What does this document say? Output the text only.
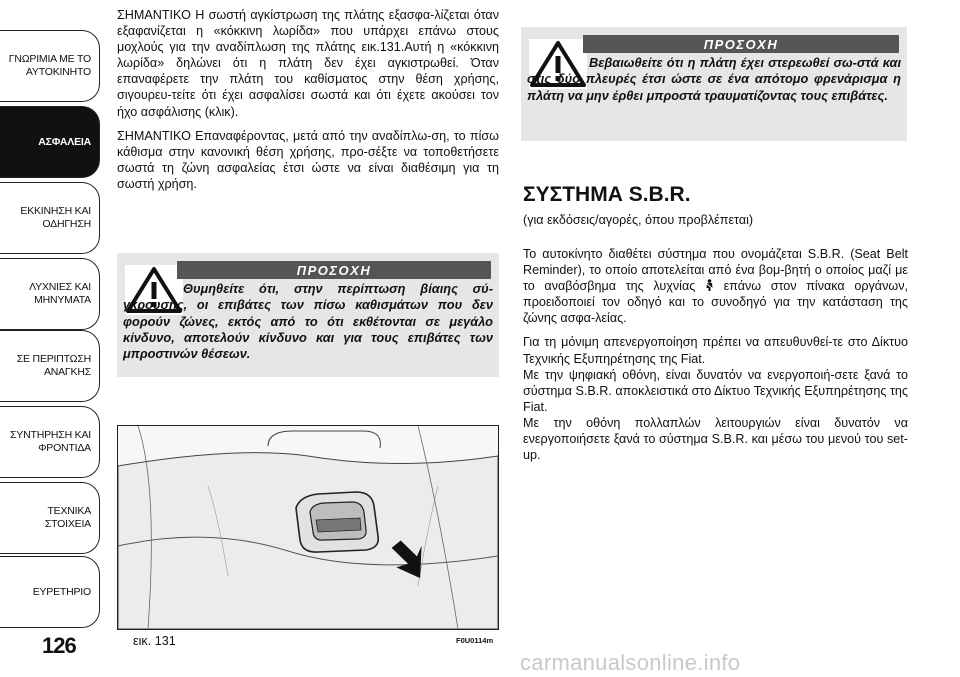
ΓΝΩΡΙΜΙΑ ΜΕ ΤΟ
ΑΥΤΟΚΙΝΗΤΟ
ΑΣΦΑΛΕΙΑ
ΕΚΚΙΝΗΣΗ ΚΑΙ
ΟΔΗΓΗΣΗ
ΛΥΧΝΙΕΣ ΚΑΙ
ΜΗΝΥΜΑΤΑ
ΣΕ ΠΕΡΙΠΤΩΣΗ
ΑΝΑΓΚΗΣ
ΣΥΝΤΗΡΗΣΗ ΚΑΙ
ΦΡΟΝΤΙΔΑ
ΤΕΧΝΙΚΑ ΣΤΟΙΧΕΙΑ
ΕΥΡΕΤΗΡΙΟ
126

ΣΗΜΑΝΤΙΚΟ Η σωστή αγκίστρωση της πλάτης εξασφα-λίζεται όταν εξαφανίζεται η «κόκκινη λωρίδα» που υπάρχει επάνω στους μοχλούς για την αναδίπλωση της πλάτης εικ.131.Αυτή η «κόκκινη λωρίδα» δηλώνει ότι η πλάτη δεν έχει αγκιστρωθεί. Όταν επαναφέρετε την πλάτη του καθίσματος στην θέση χρήσης, σιγουρευ-τείτε ότι έχει ασφαλίσει σωστά και ότι έχετε ακούσει τον ήχο ασφάλισης (κλικ).

ΣΗΜΑΝΤΙΚΟ Επαναφέροντας, μετά από την αναδίπλω-ση, το πίσω κάθισμα στην κανονική θέση χρήσης, προ-σέξτε να τοποθετήσετε σωστά τη ζώνη ασφαλείας έτσι ώστε να είναι διαθέσιμη για τη σωστή χρήση.

ΠΡΟΣΟΧΗ
Θυμηθείτε ότι, στην περίπτωση βίαιης σύ-γκρουσης, οι επιβάτες των πίσω καθισμάτων που δεν φορούν ζώνες, εκτός από το ότι εκθέτονται σε μεγάλο κίνδυνο, αποτελούν κίνδυνο και για τους επιβάτες των μπροστινών θέσεων.
ΠΡΟΣΟΧΗ
Βεβαιωθείτε ότι η πλάτη έχει στερεωθεί σω-στά και στις δύο πλευρές έτσι ώστε σε ένα απότομο φρενάρισμα η πλάτη να μην έρθει μπροστά τραυματίζοντας τους επιβάτες.
ΣΥΣΤΗΜΑ S.B.R.
(για εκδόσεις/αγορές, όπου προβλέπεται)

Το αυτοκίνητο διαθέτει σύστημα που ονομάζεται S.B.R. (Seat Belt Reminder), το οποίο αποτελείται από ένα βομ-βητή ο οποίος μαζί με το αναβόσβημα της λυχνίας  επάνω στον πίνακα οργάνων, προειδοποιεί τον οδηγό και το συνοδηγό για την κατάσταση της ζώνης ασφα-λείας.

Για τη μόνιμη απενεργοποίηση πρέπει να απευθυνθεί-τε στο Δίκτυο Τεχνικής Εξυπηρέτησης της Fiat.

Με την ψηφιακή οθόνη, είναι δυνατόν να ενεργοποιή-σετε ξανά το σύστημα S.B.R. αποκλειστικά στο Δίκτυο Τεχνικής Εξυπηρέτησης της Fiat.

Με την οθόνη πολλαπλών λειτουργιών είναι δυνατόν να ενεργοποιήσετε ξανά το σύστημα S.B.R. και μέσω του μενού του set-up.

εικ. 131	F0U0114m
carmanualsonline.info
